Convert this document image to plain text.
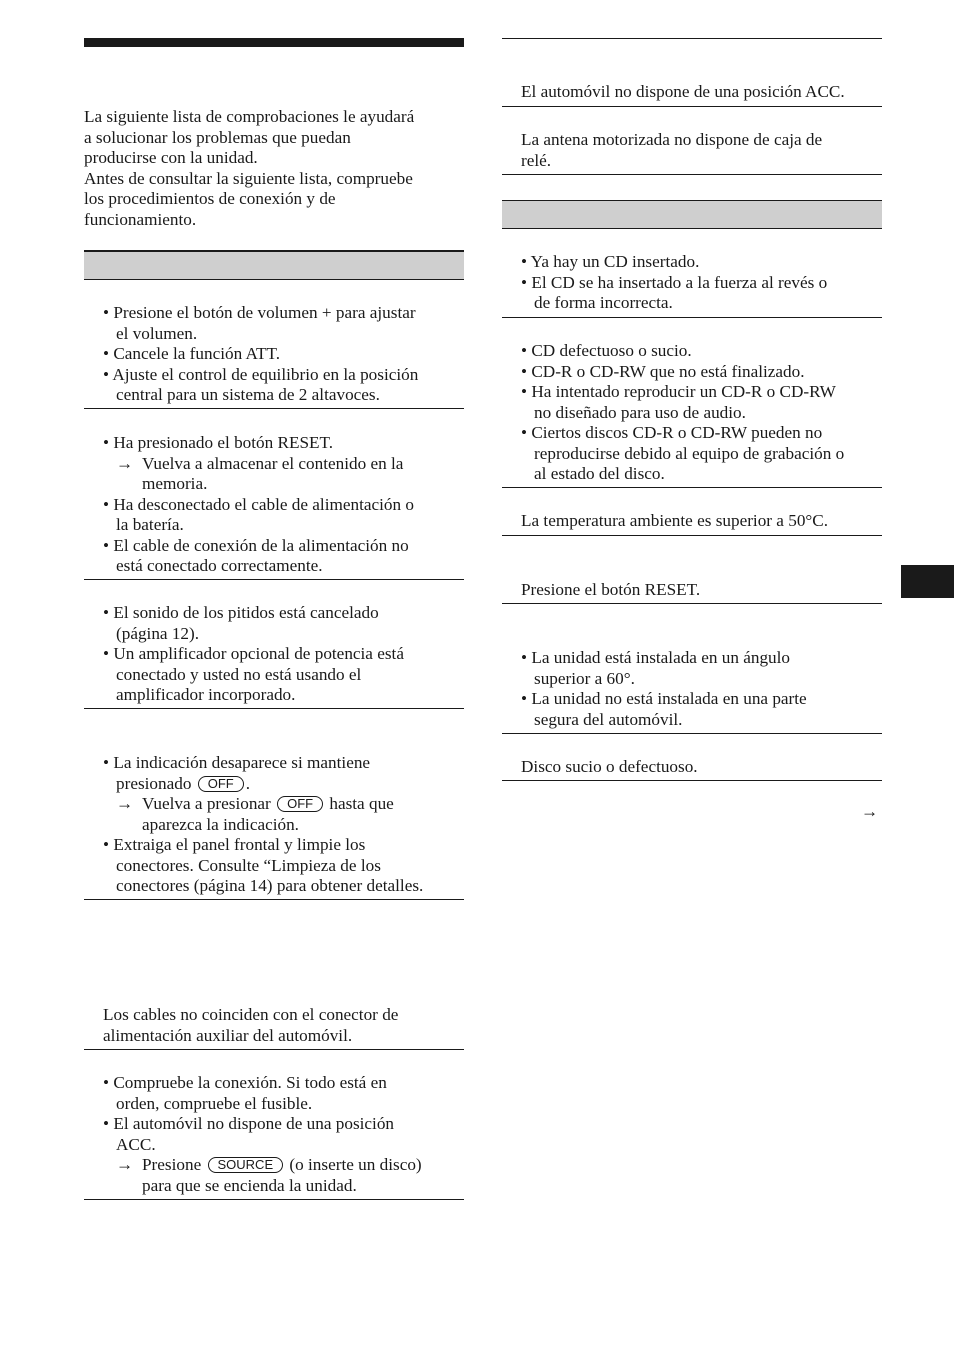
La siguiente lista de comprobaciones le ayudará
a solucionar los problemas que puedan
producirse con la unidad.
Antes de consultar la siguiente lista, compruebe
los procedimientos de conexión y de
funcionamiento.
• Presione el botón de volumen + para ajustar
el volumen.
• Cancele la función ATT.
• Ajuste el control de equilibrio en la posición
central para un sistema de 2 altavoces.
• Ha presionado el botón RESET.
→ Vuelva a almacenar el contenido en la
memoria.
• Ha desconectado el cable de alimentación o
la batería.
• El cable de conexión de la alimentación no
está conectado correctamente.
• El sonido de los pitidos está cancelado
(página 12).
• Un amplificador opcional de potencia está
conectado y usted no está usando el
amplificador incorporado.
• La indicación desaparece si mantiene
presionado OFF .
→ Vuelva a presionar OFF hasta que
aparezca la indicación.
• Extraiga el panel frontal y limpie los
conectores. Consulte “Limpieza de los
conectores (página 14) para obtener detalles.
Los cables no coinciden con el conector de
alimentación auxiliar del automóvil.
• Compruebe la conexión. Si todo está en
orden, compruebe el fusible.
• El automóvil no dispone de una posición
ACC.
→ Presione SOURCE (o inserte un disco)
para que se encienda la unidad.
El automóvil no dispone de una posición ACC.
La antena motorizada no dispone de caja de
relé.
• Ya hay un CD insertado.
• El CD se ha insertado a la fuerza al revés o
de forma incorrecta.
• CD defectuoso o sucio.
• CD-R o CD-RW que no está finalizado.
• Ha intentado reproducir un CD-R o CD-RW
no diseñado para uso de audio.
• Ciertos discos CD-R o CD-RW pueden no
reproducirse debido al equipo de grabación o
al estado del disco.
La temperatura ambiente es superior a 50°C.
Presione el botón RESET.
• La unidad está instalada en un ángulo
superior a 60°.
• La unidad no está instalada en una parte
segura del automóvil.
Disco sucio o defectuoso.
→
